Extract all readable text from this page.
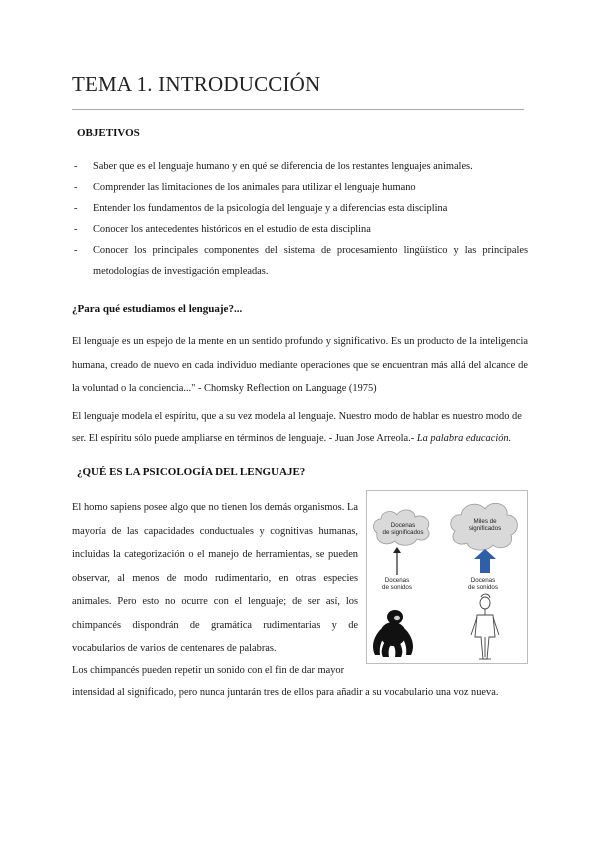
TEMA 1. INTRODUCCIÓN
OBJETIVOS
- Saber que es el lenguaje humano y en qué se diferencia de los restantes lenguajes animales.
- Comprender las limitaciones de los animales para utilizar el lenguaje humano
- Entender los fundamentos de la psicología del lenguaje y a diferencias esta disciplina
- Conocer los antecedentes históricos en el estudio de esta disciplina
- Conocer los principales componentes del sistema de procesamiento lingüístico y las principales metodologías de investigación empleadas.
¿Para qué estudiamos el lenguaje?...
El lenguaje es un espejo de la mente en un sentido profundo y significativo. Es un producto de la inteligencia humana, creado de nuevo en cada individuo mediante operaciones que se encuentran más allá del alcance de la voluntad o la conciencia..." - Chomsky Reflection on Language (1975)
El lenguaje modela el espíritu, que a su vez modela al lenguaje. Nuestro modo de hablar es nuestro modo de ser. El espíritu sólo puede ampliarse en términos de lenguaje. - Juan Jose Arreola.- La palabra educación.
¿QUÉ ES LA PSICOLOGÍA DEL LENGUAJE?
El homo sapiens posee algo que no tienen los demás organismos. La mayoría de las capacidades conductuales y cognitivas humanas, incluidas la categorización o el manejo de herramientas, se pueden observar, al menos de modo rudimentario, en otras especies animales. Pero esto no ocurre con el lenguaje; de ser así, los chimpancés dispondrán de gramática rudimentarias y de vocabularios de varios de centenares de palabras.
Docenas
de significados
Miles de
significados
Docenas
de sonidos
Docenas
de sonidos
Los chimpancés pueden repetir un sonido con el fin de dar mayor
intensidad al significado, pero nunca juntarán tres de ellos para añadir a su vocabulario una voz nueva.
